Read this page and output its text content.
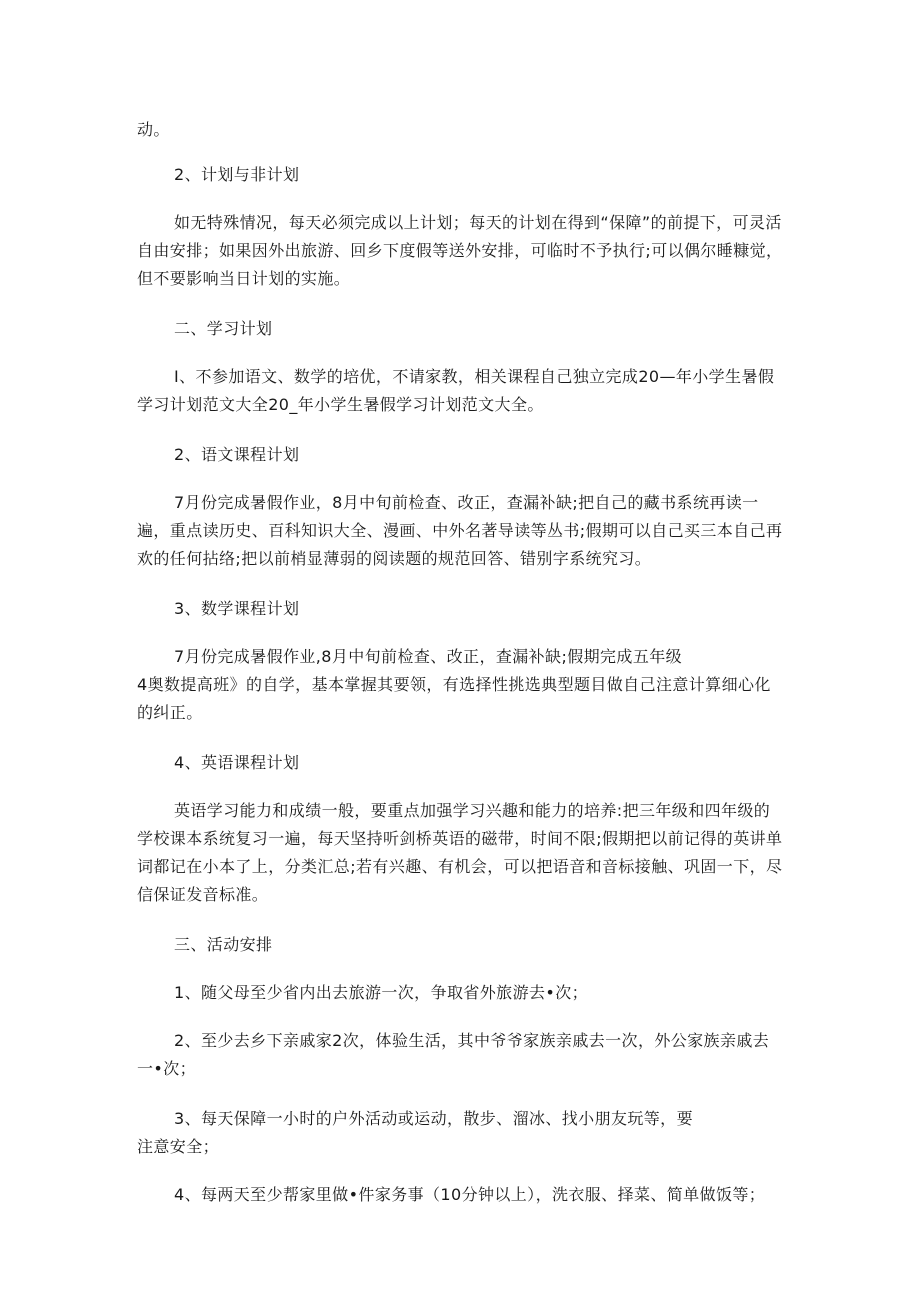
动。

2、计划与非计划

如无特殊情况，每天必须完成以上计划；每天的计划在得到“保障”的前提下，可灵活自由安排；如果因外出旅游、回乡下度假等送外安排，可临时不予执行;可以偶尔睡糠觉，但不要影响当日计划的实施。

二、学习计划

I、不参加语文、数学的培优，不请家教，相关课程自己独立完成20—年小学生暑假学习计划范文大全20_年小学生暑假学习计划范文大全。

2、语文课程计划

7月份完成暑假作业，8月中旬前检查、改正，查漏补缺;把自己的藏书系统再读一遍，重点读历史、百科知识大全、漫画、中外名著导读等丛书;假期可以自己买三本自己再欢的任何拈络;把以前梢显薄弱的阅读题的规范回答、错别字系统究习。

3、数学课程计划

7月份完成暑假作业,8月中旬前检查、改正，查漏补缺;假期完成五年级

4奥数提高班》的自学，基本掌握其要领，有选择性挑选典型题目做自己注意计算细心化的纠正。

4、英语课程计划

英语学习能力和成绩一般，要重点加强学习兴趣和能力的培养:把三年级和四年级的学校课本系统复习一遍，每天坚持听剑桥英语的磁带，时间不限;假期把以前记得的英讲单词都记在小本了上，分类汇总;若有兴趣、有机会，可以把语音和音标接触、巩固一下，尽信保证发音标准。

三、活动安排

1、随父母至少省内出去旅游一次，争取省外旅游去•次；

2、至少去乡下亲戚家2次，体验生活，其中爷爷家族亲戚去一次，外公家族亲戚去一•次；

3、每天保障一小时的户外活动或运动，散步、溜冰、找小朋友玩等，要

注意安全；

4、每两天至少帮家里做•件家务事（10分钟以上），洗衣服、择菜、简单做饭等；
